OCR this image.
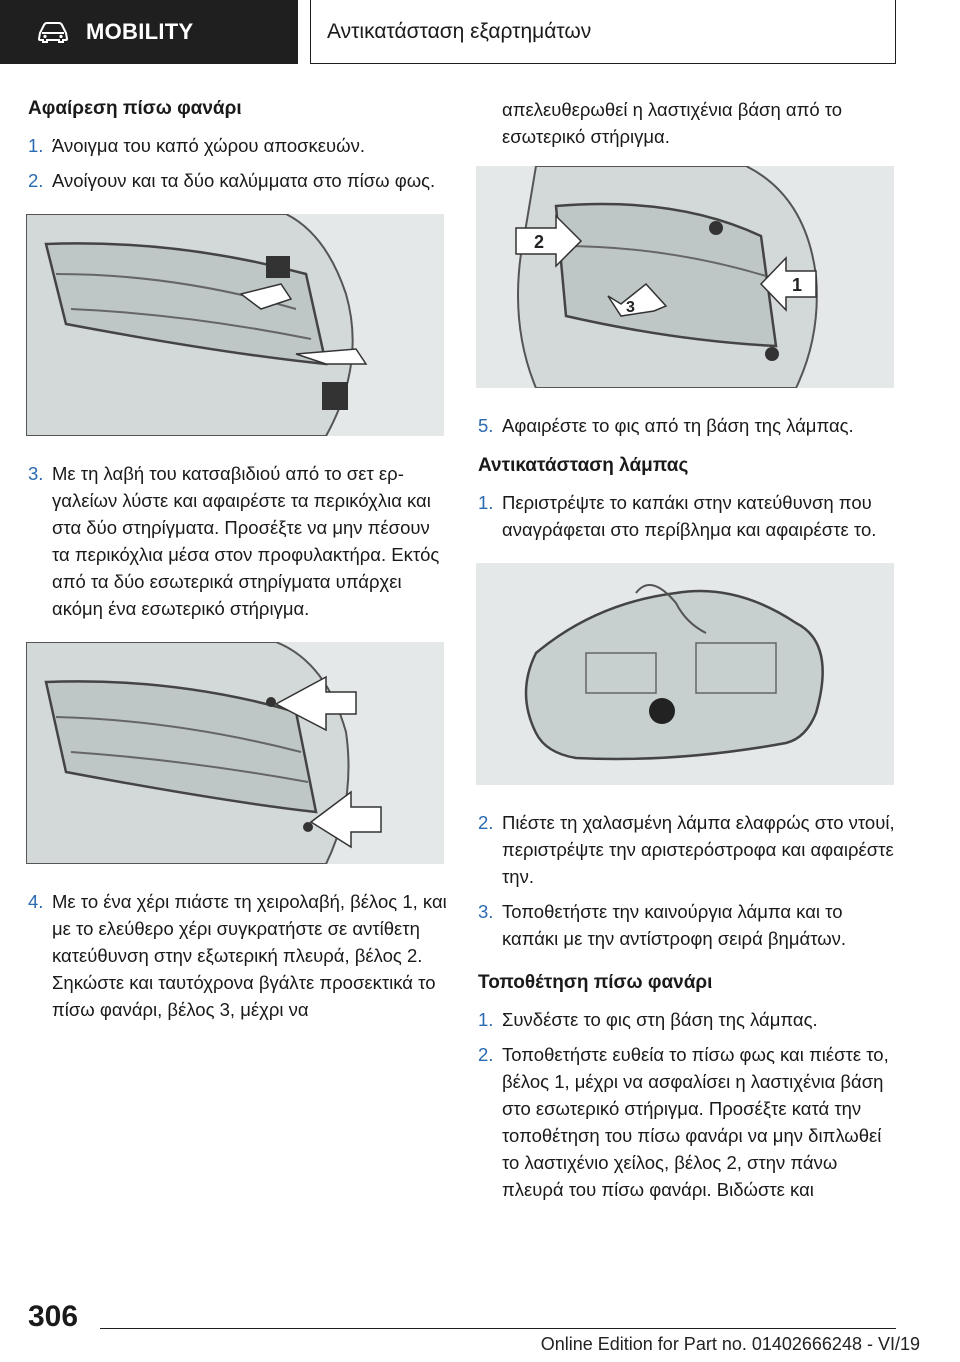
MOBILITY	Αντικατάσταση εξαρτημάτων
Αφαίρεση πίσω φανάρι
1. Άνοιγμα του καπό χώρου αποσκευών.
2. Ανοίγουν και τα δύο καλύμματα στο πίσω φως.
3. Με τη λαβή του κατσαβιδιού από το σετ εργαλείων λύστε και αφαιρέστε τα περικόχλια και στα δύο στηρίγματα. Προσέξτε να μην πέσουν τα περικόχλια μέσα στον προφυλακτήρα. Εκτός από τα δύο εσωτερικά στηρίγματα υπάρχει ακόμη ένα εσωτερικό στήριγμα.
4. Με το ένα χέρι πιάστε τη χειρολαβή, βέλος 1, και με το ελεύθερο χέρι συγκρατήστε σε αντίθετη κατεύθυνση στην εξωτερική πλευρά, βέλος 2. Σηκώστε και ταυτόχρονα βγάλτε προσεκτικά το πίσω φανάρι, βέλος 3, μέχρι να
απελευθερωθεί η λαστιχένια βάση από το εσωτερικό στήριγμα.
2
1
3
5. Αφαιρέστε το φις από τη βάση της λάμπας.
Αντικατάσταση λάμπας
1. Περιστρέψτε το καπάκι στην κατεύθυνση που αναγράφεται στο περίβλημα και αφαιρέστε το.
2. Πιέστε τη χαλασμένη λάμπα ελαφρώς στο ντουί, περιστρέψτε την αριστερόστροφα και αφαιρέστε την.
3. Τοποθετήστε την καινούργια λάμπα και το καπάκι με την αντίστροφη σειρά βημάτων.
Τοποθέτηση πίσω φανάρι
1. Συνδέστε το φις στη βάση της λάμπας.
2. Τοποθετήστε ευθεία το πίσω φως και πιέστε το, βέλος 1, μέχρι να ασφαλίσει η λαστιχένια βάση στο εσωτερικό στήριγμα. Προσέξτε κατά την τοποθέτηση του πίσω φανάρι να μην διπλωθεί το λαστιχένιο χείλος, βέλος 2, στην πάνω πλευρά του πίσω φανάρι. Βιδώστε και
306
Online Edition for Part no. 01402666248 - VI/19
